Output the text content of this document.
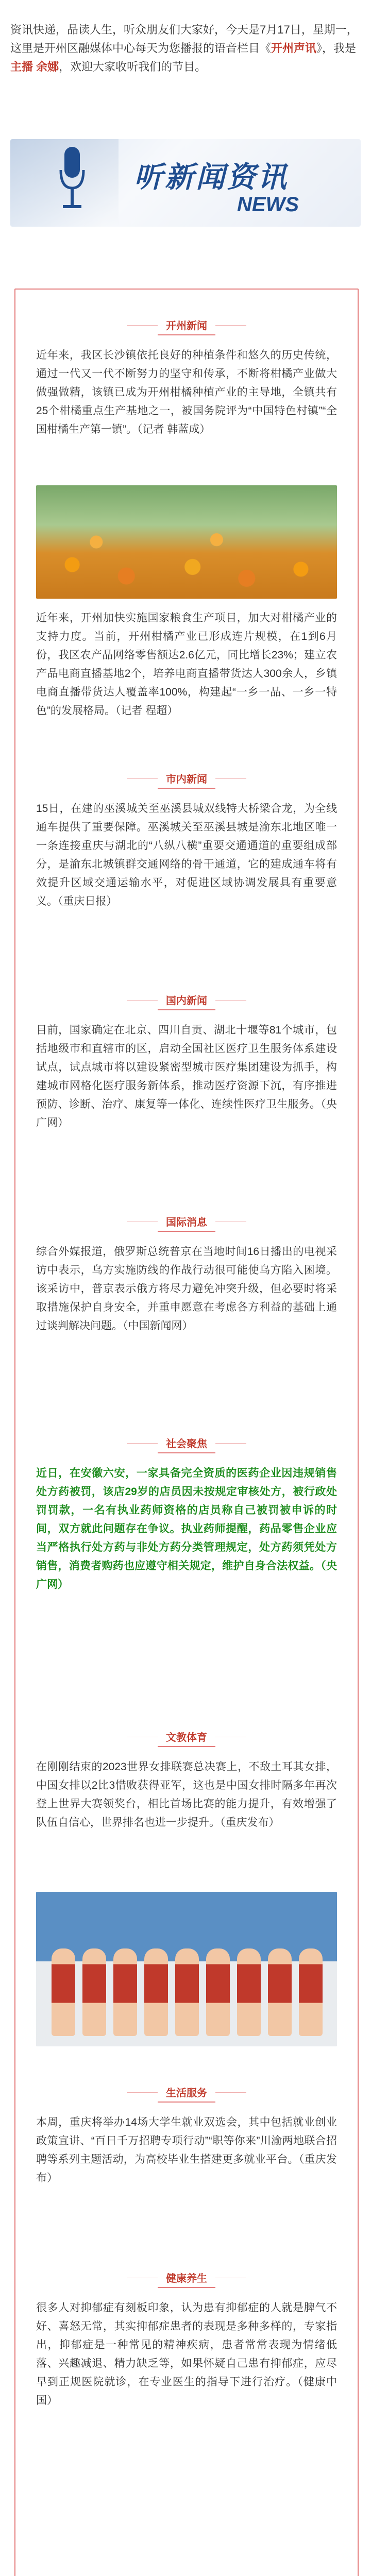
资讯快递，品读人生，听众朋友们大家好，今天是7月17日，星期一，这里是开州区融媒体中心每天为您播报的语音栏目《开州声讯》，我是主播 余娜，欢迎大家收听我们的节目。
听新闻资讯
NEWS
开州新闻
近年来，我区长沙镇依托良好的种植条件和悠久的历史传统，通过一代又一代不断努力的坚守和传承，不断将柑橘产业做大做强做精，该镇已成为开州柑橘种植产业的主导地，全镇共有25个柑橘重点生产基地之一，被国务院评为“中国特色村镇”“全国柑橘生产第一镇”。（记者 韩蓝成）
近年来，开州加快实施国家粮食生产项目，加大对柑橘产业的支持力度。当前，开州柑橘产业已形成连片规模，在1到6月份，我区农产品网络零售额达2.6亿元，同比增长23%；建立农产品电商直播基地2个，培养电商直播带货达人300余人，乡镇电商直播带货达人覆盖率100%，构建起“一乡一品、一乡一特色”的发展格局。（记者 程超）
市内新闻
15日，在建的巫溪城关至巫溪县城双线特大桥梁合龙，为全线通车提供了重要保障。巫溪城关至巫溪县城是渝东北地区唯一一条连接重庆与湖北的“八纵八横”重要交通通道的重要组成部分，是渝东北城镇群交通网络的骨干通道，它的建成通车将有效提升区域交通运输水平，对促进区域协调发展具有重要意义。（重庆日报）
国内新闻
目前，国家确定在北京、四川自贡、湖北十堰等81个城市，包括地级市和直辖市的区，启动全国社区医疗卫生服务体系建设试点，试点城市将以建设紧密型城市医疗集团建设为抓手，构建城市网格化医疗服务新体系，推动医疗资源下沉，有序推进预防、诊断、治疗、康复等一体化、连续性医疗卫生服务。（央广网）
国际消息
综合外媒报道，俄罗斯总统普京在当地时间16日播出的电视采访中表示，乌方实施防线的作战行动很可能使乌方陷入困境。该采访中，普京表示俄方将尽力避免冲突升级，但必要时将采取措施保护自身安全，并重申愿意在考虑各方利益的基础上通过谈判解决问题。（中国新闻网）
社会聚焦
近日，在安徽六安，一家具备完全资质的医药企业因违规销售处方药被罚，该店29岁的店员因未按规定审核处方，被行政处罚罚款，一名有执业药师资格的店员称自己被罚被申诉的时间，双方就此问题存在争议。执业药师提醒，药品零售企业应当严格执行处方药与非处方药分类管理规定，处方药须凭处方销售，消费者购药也应遵守相关规定，维护自身合法权益。（央广网）
文教体育
在刚刚结束的2023世界女排联赛总决赛上，不敌土耳其女排，中国女排以2比3惜败获得亚军，这也是中国女排时隔多年再次登上世界大赛领奖台，相比首场比赛的能力提升，有效增强了队伍自信心，世界排名也进一步提升。（重庆发布）
生活服务
本周，重庆将举办14场大学生就业双选会，其中包括就业创业政策宣讲、“百日千万招聘专项行动”“职等你来”川渝两地联合招聘等系列主题活动，为高校毕业生搭建更多就业平台。（重庆发布）
健康养生
很多人对抑郁症有刻板印象，认为患有抑郁症的人就是脾气不好、喜怒无常，其实抑郁症患者的表现是多种多样的，专家指出，抑郁症是一种常见的精神疾病，患者常常表现为情绪低落、兴趣减退、精力缺乏等，如果怀疑自己患有抑郁症，应尽早到正规医院就诊，在专业医生的指导下进行治疗。（健康中国）
